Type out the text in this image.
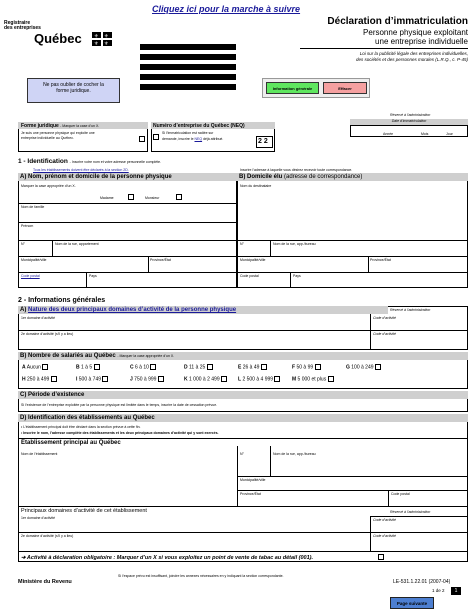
Cliquez ici pour la marche à suivre
Registraire
des entreprises
Québec ⚜ ⚜
⚜ ⚜
Déclaration d’immatriculation
Personne physique exploitant
une entreprise individuelle
Loi sur la publicité légale des entreprises individuelles,
des sociétés et des personnes morales (L.R.Q., c. P-45)
Ne pas oublier de cocher la
forme juridique.	Information générale	Effacer
Réservé à l’administration
Date d’immatriculation
Année	Mois	Jour
Forme juridique - Marquer la case d’un X.
Je suis une personne physique qui exploite une
entreprise individuelle au Québec.
Numéro d’entreprise du Québec (NEQ)
Si l’immatriculation est radiée sur
demande, inscrire le NEQ déjà attribué.	2 2
1 - Identification - Inscrire votre nom et votre adresse personnelle complète.
Inscrire l’adresse à laquelle vous désirez recevoir toute correspondance.
Tous les établissements doivent être déclarés à la section 2D.
A) Nom, prénom et domicile de la personne physique
Marquer la case appropriée d’un X.
Madame	Monsieur
Nom de famille
Prénom
N°	Nom de la rue, appartement
Municipalité/ville	Province/État
Code postal	Pays
B) Domicile élu (adresse de correspondance)
Nom du destinataire
N°	Nom de la rue, app./bureau
Municipalité/ville	Province/État
Code postal	Pays
2 - Informations générales
A) Nature des deux principaux domaines d’activité de la personne physique	Réservé à l’administration
1er domaine d’activité	Code d’activité
2e domaine d’activité (s’il y a lieu)	Code d’activité
B) Nombre de salariés au Québec - Marquer la case appropriée d’un X.
A Aucun	B 1 à 5	C 6 à 10	D 11 à 25	E 26 à 49	F 50 à 99	G 100 à 249
H 250 à 499	I 500 à 749	J 750 à 999	K 1 000 à 2 499	L 2 500 à 4 999	M 5 000 et plus
C) Période d’existence
Si l’existence de l’entreprise exploitée par la personne physique est limitée dans le temps, inscrire la date de cessation prévue.
D) Identification des établissements au Québec
• L’établissement principal doit être déclaré dans la section prévue à cette fin.
• Inscrire le nom, l’adresse complète des établissements et les deux principaux domaines d’activité qui y sont exercés.
Établissement principal au Québec
Nom de l’établissement	N°	Nom de la rue, app./bureau
Municipalité/ville
Province/État	Code postal
Principaux domaines d’activité de cet établissement	Réservé à l’administration
1er domaine d’activité	Code d’activité
2e domaine d’activité (s’il y a lieu)	Code d’activité
➔ Activité à déclaration obligatoire : Marquer d’un X si vous exploitez un point de vente de tabac au détail (001).
Si l’espace prévu est insuffisant, joindre les annexes nécessaires en y indiquant la section correspondante.
Ministère du Revenu	LE-531.1.22.01 (2007-04)
1 de 2	1
Page suivante
